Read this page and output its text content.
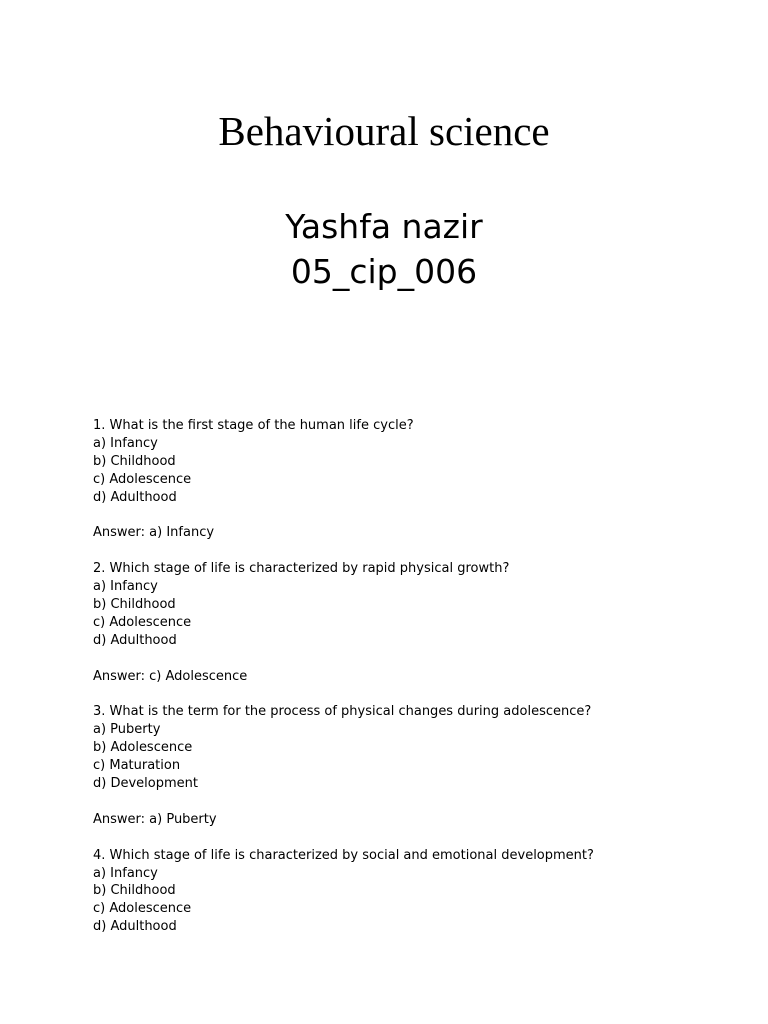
Behavioural science
Yashfa nazir
05_cip_006
1. What is the first stage of the human life cycle?
a) Infancy
b) Childhood
c) Adolescence
d) Adulthood
Answer: a) Infancy
2. Which stage of life is characterized by rapid physical growth?
a) Infancy
b) Childhood
c) Adolescence
d) Adulthood
Answer: c) Adolescence
3. What is the term for the process of physical changes during adolescence?
a) Puberty
b) Adolescence
c) Maturation
d) Development
Answer: a) Puberty
4. Which stage of life is characterized by social and emotional development?
a) Infancy
b) Childhood
c) Adolescence
d) Adulthood
